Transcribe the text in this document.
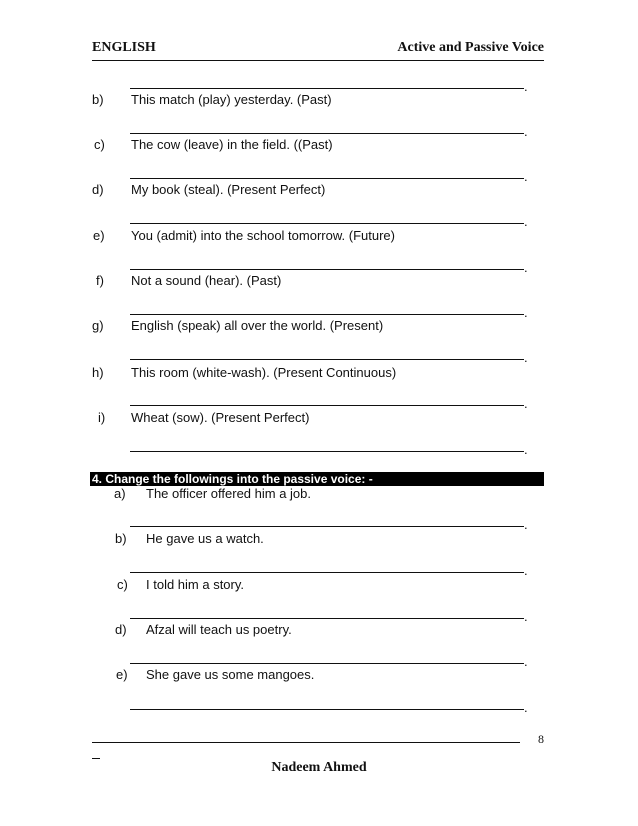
ENGLISH	Active and Passive Voice
.
b) This match (play) yesterday. (Past)
.
c) The cow (leave) in the field. ((Past)
.
d) My book (steal). (Present Perfect)
.
e) You (admit) into the school tomorrow. (Future)
.
f) Not a sound (hear). (Past)
.
g) English (speak) all over the world. (Present)
.
h) This room (white-wash). (Present Continuous)
.
i) Wheat (sow). (Present Perfect)
.
4. Change the followings into the passive voice: -
a) The officer offered him a job.
.
b) He gave us a watch.
.
c) I told him a story.
.
d) Afzal will teach us poetry.
.
e) She gave us some mangoes.
.
8
Nadeem Ahmed
